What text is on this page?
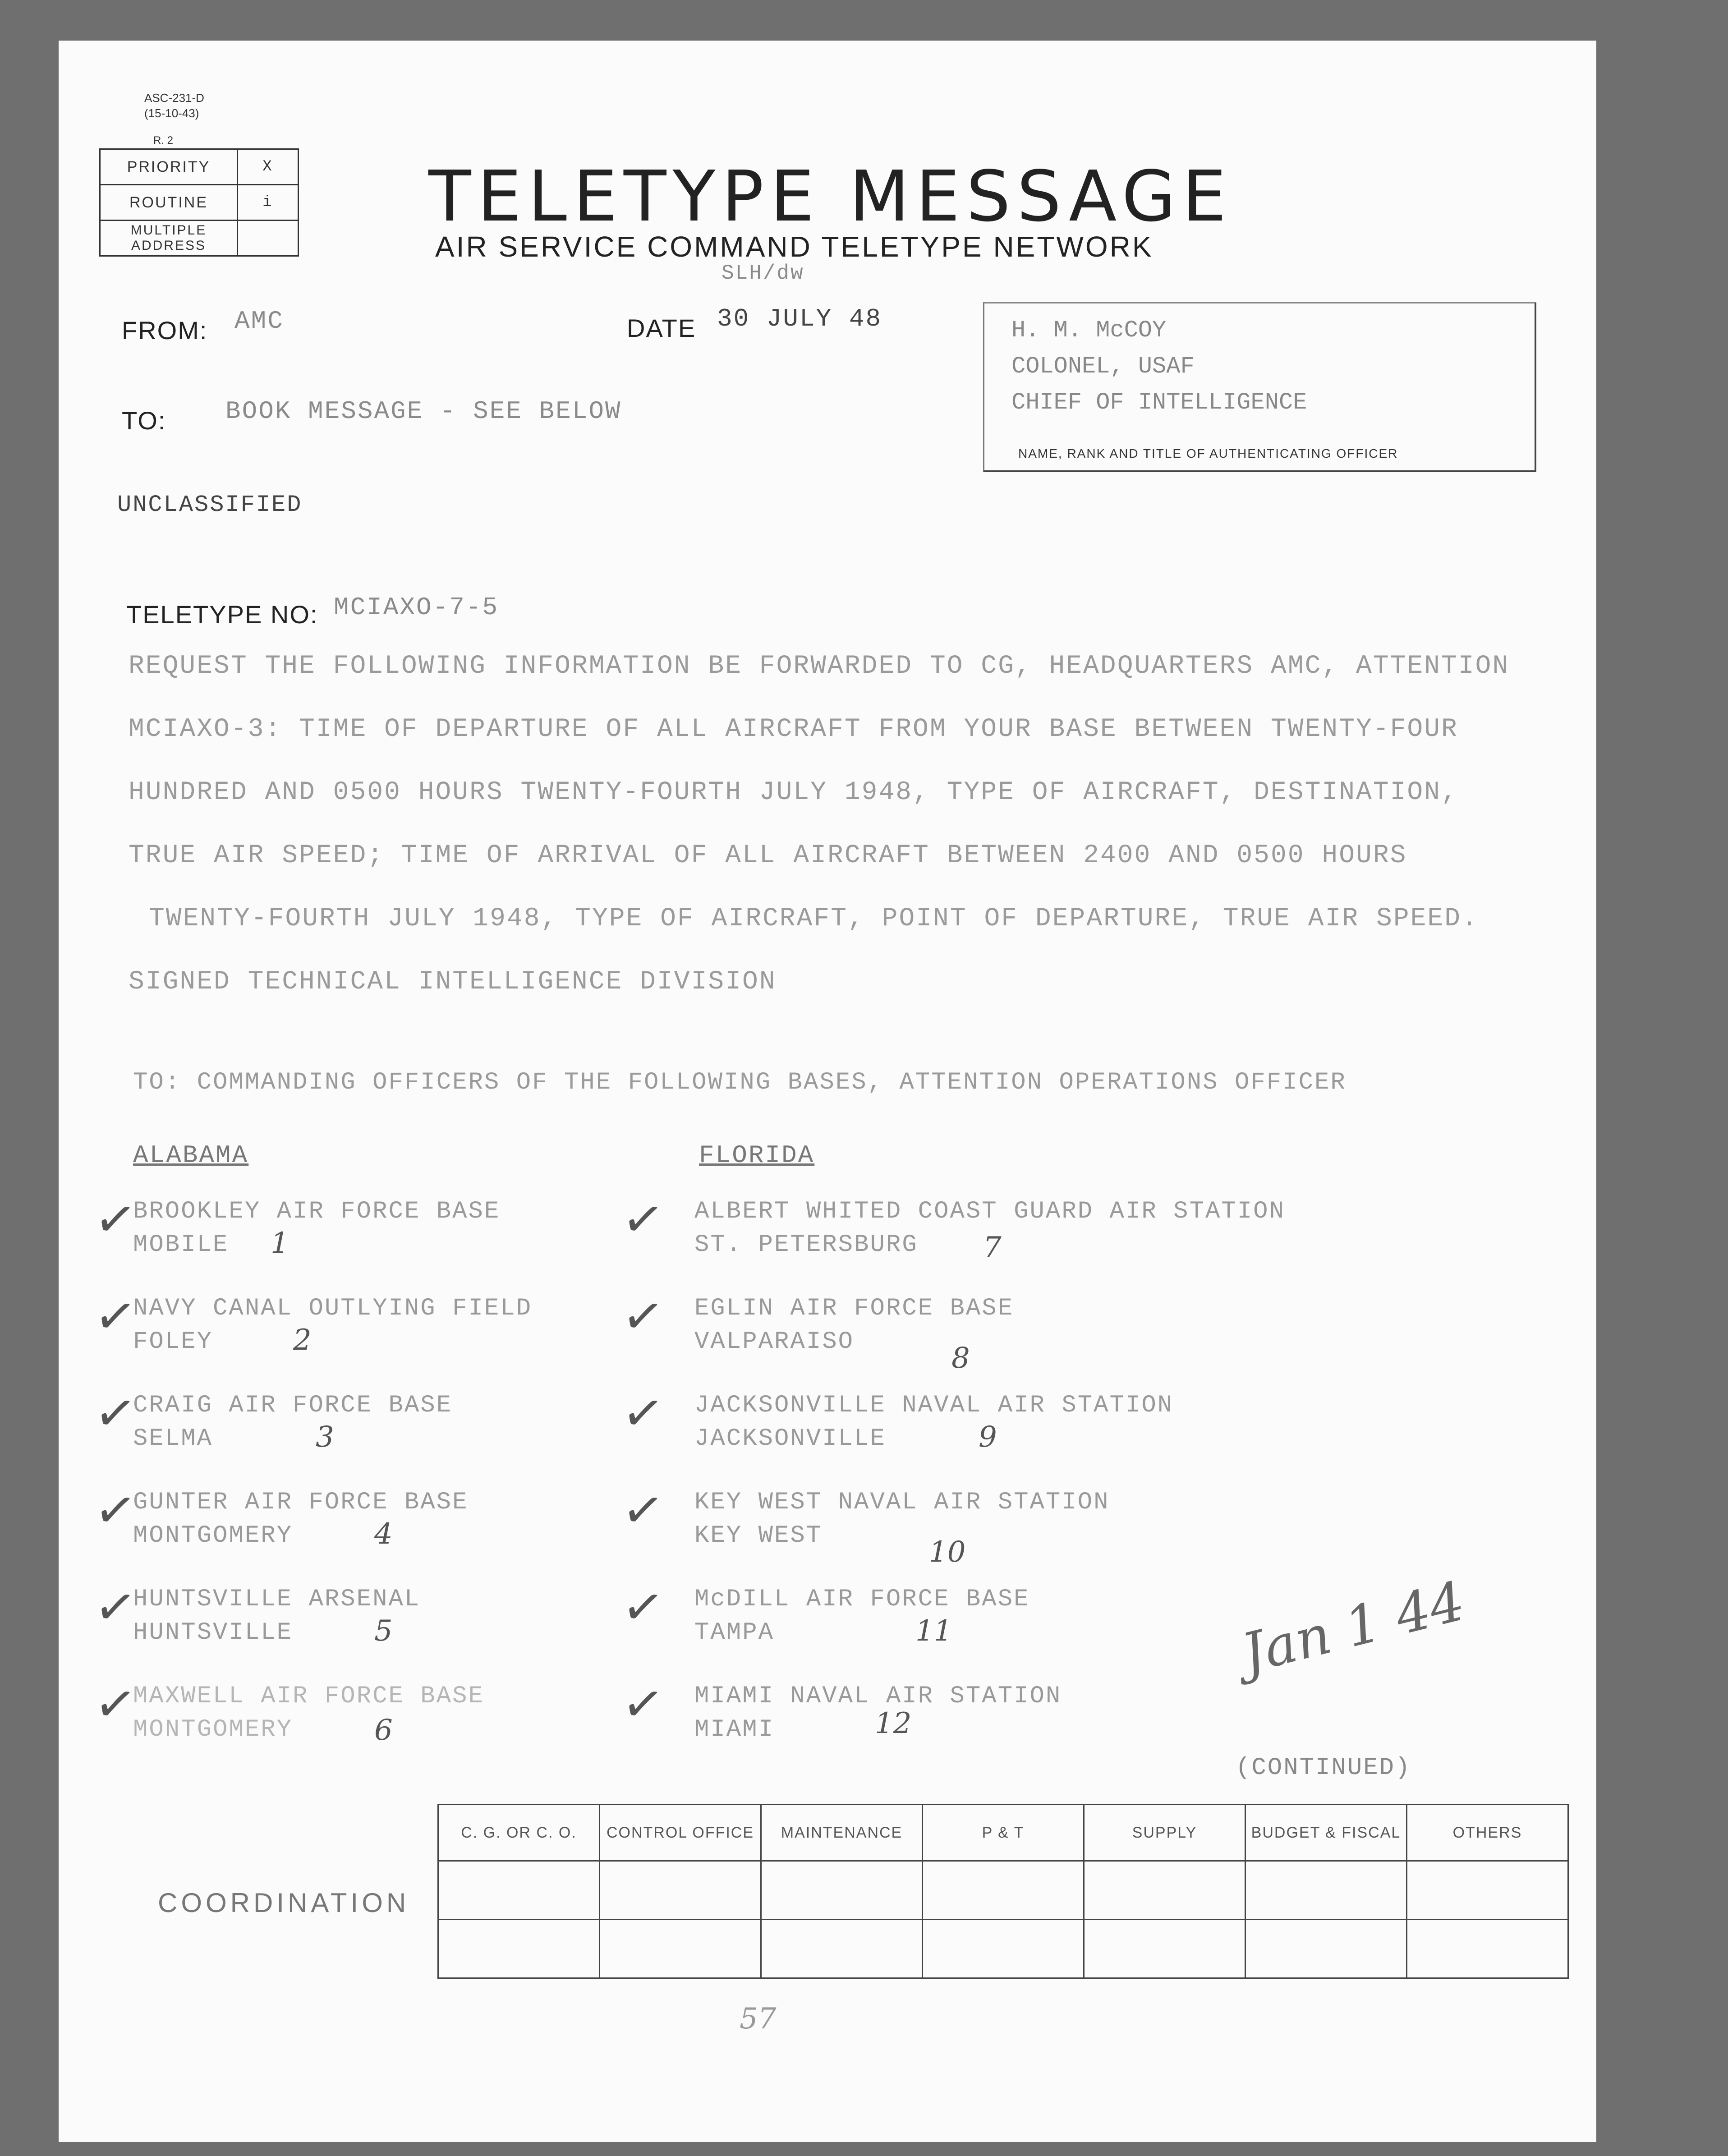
ASC-231-D
(15-10-43)
R. 2
PRIORITY	X
ROUTINE	i
MULTIPLE ADDRESS	
TELETYPE MESSAGE
AIR SERVICE COMMAND TELETYPE NETWORK
SLH/dw
FROM: AMC	DATE 30 JULY 48
TO: BOOK MESSAGE - SEE BELOW
H. M. McCOY
COLONEL, USAF
CHIEF OF INTELLIGENCE
NAME, RANK AND TITLE OF AUTHENTICATING OFFICER
UNCLASSIFIED
TELETYPE NO: MCIAXO-7-5
REQUEST THE FOLLOWING INFORMATION BE FORWARDED TO CG, HEADQUARTERS AMC, ATTENTION
MCIAXO-3: TIME OF DEPARTURE OF ALL AIRCRAFT FROM YOUR BASE BETWEEN TWENTY-FOUR
HUNDRED AND 0500 HOURS TWENTY-FOURTH JULY 1948, TYPE OF AIRCRAFT, DESTINATION,
TRUE AIR SPEED; TIME OF ARRIVAL OF ALL AIRCRAFT BETWEEN 2400 AND 0500 HOURS
TWENTY-FOURTH JULY 1948, TYPE OF AIRCRAFT, POINT OF DEPARTURE, TRUE AIR SPEED.
SIGNED TECHNICAL INTELLIGENCE DIVISION
TO: COMMANDING OFFICERS OF THE FOLLOWING BASES, ATTENTION OPERATIONS OFFICER
ALABAMA
✓
BROOKLEY AIR FORCE BASE
MOBILE 1
✓
NAVY CANAL OUTLYING FIELD
FOLEY	2
✓
CRAIG AIR FORCE BASE
SELMA	3
✓
GUNTER AIR FORCE BASE
MONTGOMERY	4
✓
HUNTSVILLE ARSENAL
HUNTSVILLE	5
✓
MAXWELL AIR FORCE BASE
MONTGOMERY	6
FLORIDA
✓ ALBERT WHITED COAST GUARD AIR STATION
ST. PETERSBURG 7
✓ EGLIN AIR FORCE BASE
VALPARAISO	8
✓ JACKSONVILLE NAVAL AIR STATION
JACKSONVILLE	9
✓ KEY WEST NAVAL AIR STATION
KEY WEST	10
✓ McDILL AIR FORCE BASE
TAMPA	11
✓ MIAMI NAVAL AIR STATION
MIAMI	12
Jan 1 44
(CONTINUED)
COORDINATION
C. G. OR C. O.	CONTROL OFFICE	MAINTENANCE	P & T	SUPPLY	BUDGET & FISCAL	OTHERS

57
